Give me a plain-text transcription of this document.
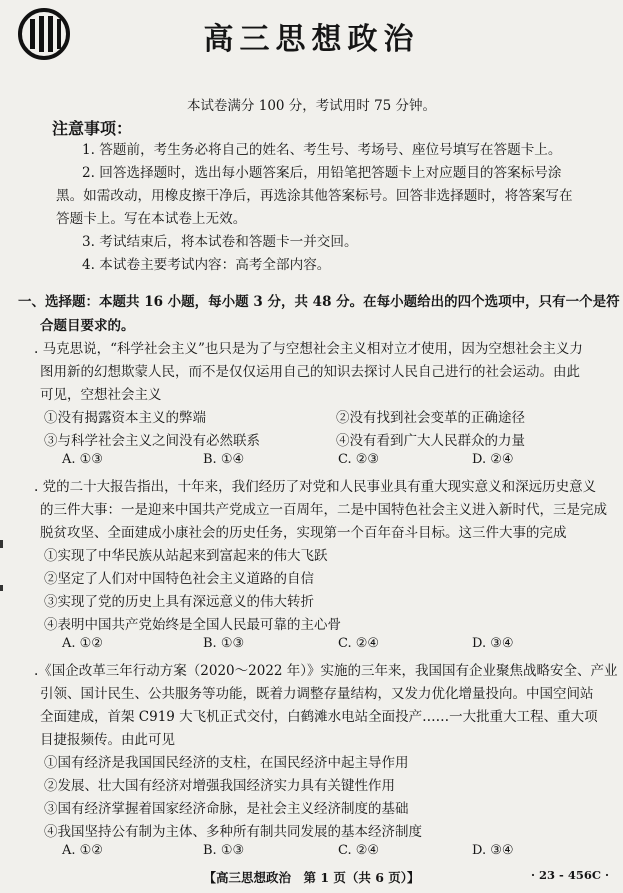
高三思想政治
本试卷满分 100 分，考试用时 75 分钟。
注意事项：
1. 答题前，考生务必将自己的姓名、考生号、考场号、座位号填写在答题卡上。
2. 回答选择题时，选出每小题答案后，用铅笔把答题卡上对应题目的答案标号涂
黑。如需改动，用橡皮擦干净后，再选涂其他答案标号。回答非选择题时，将答案写在
答题卡上。写在本试卷上无效。
3. 考试结束后，将本试卷和答题卡一并交回。
4. 本试卷主要考试内容：高考全部内容。
一、选择题：本题共 16 小题，每小题 3 分，共 48 分。在每小题给出的四个选项中，只有一个是符
合题目要求的。
. 马克思说，“科学社会主义”也只是为了与空想社会主义相对立才使用，因为空想社会主义力
图用新的幻想欺蒙人民，而不是仅仅运用自己的知识去探讨人民自己进行的社会运动。由此
可见，空想社会主义
①没有揭露资本主义的弊端	②没有找到社会变革的正确途径
③与科学社会主义之间没有必然联系	④没有看到广大人民群众的力量
A. ①③	B. ①④	C. ②③	D. ②④
. 党的二十大报告指出，十年来，我们经历了对党和人民事业具有重大现实意义和深远历史意义
的三件大事：一是迎来中国共产党成立一百周年，二是中国特色社会主义进入新时代，三是完成
脱贫攻坚、全面建成小康社会的历史任务，实现第一个百年奋斗目标。这三件大事的完成
①实现了中华民族从站起来到富起来的伟大飞跃
②坚定了人们对中国特色社会主义道路的自信
③实现了党的历史上具有深远意义的伟大转折
④表明中国共产党始终是全国人民最可靠的主心骨
A. ①②	B. ①③	C. ②④	D. ③④
.《国企改革三年行动方案（2020～2022 年）》实施的三年来，我国国有企业聚焦战略安全、产业
引领、国计民生、公共服务等功能，既着力调整存量结构，又发力优化增量投向。中国空间站
全面建成，首架 C919 大飞机正式交付，白鹤滩水电站全面投产……一大批重大工程、重大项
目捷报频传。由此可见
①国有经济是我国国民经济的支柱，在国民经济中起主导作用
②发展、壮大国有经济对增强我国经济实力具有关键性作用
③国有经济掌握着国家经济命脉，是社会主义经济制度的基础
④我国坚持公有制为主体、多种所有制共同发展的基本经济制度
A. ①②	B. ①③	C. ②④	D. ③④
【高三思想政治　第 1 页（共 6 页）】	· 23 - 456C ·
